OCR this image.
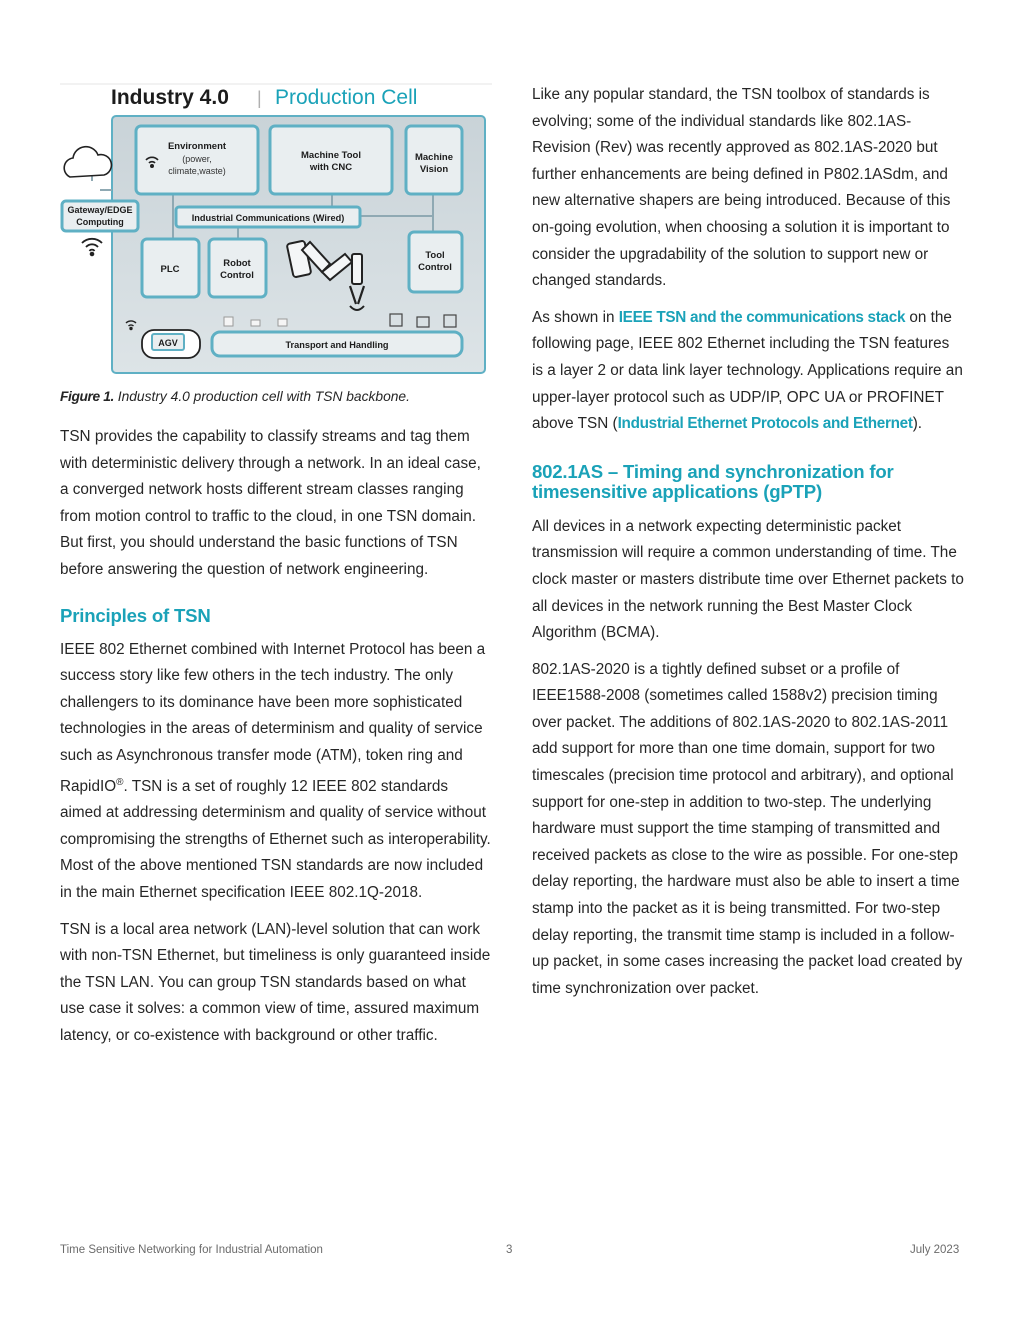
Industry 4.0 | Production Cell
Environment
(power,
climate,waste)
Machine Tool
with CNC
Machine
Vision
Gateway/EDGE
Computing	Industrial Communications (Wired)
PLC
Robot
Control
Tool
Control
AGV	Transport and Handling
Figure 1. Industry 4.0 production cell with TSN backbone.

TSN provides the capability to classify streams and tag them with deterministic delivery through a network. In an ideal case, a converged network hosts different stream classes ranging from motion control to traffic to the cloud, in one TSN domain. But first, you should understand the basic functions of TSN before answering the question of network engineering.

Principles of TSN

IEEE 802 Ethernet combined with Internet Protocol has been a success story like few others in the tech industry. The only challengers to its dominance have been more sophisticated technologies in the areas of determinism and quality of service such as Asynchronous transfer mode (ATM), token ring and RapidIO®. TSN is a set of roughly 12 IEEE 802 standards aimed at addressing determinism and quality of service without compromising the strengths of Ethernet such as interoperability. Most of the above mentioned TSN standards are now included in the main Ethernet specification IEEE 802.1Q-2018.

TSN is a local area network (LAN)-level solution that can work with non-TSN Ethernet, but timeliness is only guaranteed inside the TSN LAN. You can group TSN standards based on what use case it solves: a common view of time, assured maximum latency, or co-existence with background or other traffic.

Like any popular standard, the TSN toolbox of standards is evolving; some of the individual standards like 802.1AS-Revision (Rev) was recently approved as 802.1AS-2020 but further enhancements are being defined in P802.1ASdm, and new alternative shapers are being introduced. Because of this on-going evolution, when choosing a solution it is important to consider the upgradability of the solution to support new or changed standards.

As shown in IEEE TSN and the communications stack on the following page, IEEE 802 Ethernet including the TSN features is a layer 2 or data link layer technology. Applications require an upper-layer protocol such as UDP/IP, OPC UA or PROFINET above TSN (Industrial Ethernet Protocols and Ethernet).

802.1AS – Timing and synchronization for timesensitive applications (gPTP)

All devices in a network expecting deterministic packet transmission will require a common understanding of time. The clock master or masters distribute time over Ethernet packets to all devices in the network running the Best Master Clock Algorithm (BCMA).

802.1AS-2020 is a tightly defined subset or a profile of IEEE1588-2008 (sometimes called 1588v2) precision timing over packet. The additions of 802.1AS-2020 to 802.1AS-2011 add support for more than one time domain, support for two timescales (precision time protocol and arbitrary), and optional support for one-step in addition to two-step. The underlying hardware must support the time stamping of transmitted and received packets as close to the wire as possible. For one-step delay reporting, the hardware must also be able to insert a time stamp into the packet as it is being transmitted. For two-step delay reporting, the transmit time stamp is included in a follow-up packet, in some cases increasing the packet load created by time synchronization over packet.

Time Sensitive Networking for Industrial Automation	3	July 2023
